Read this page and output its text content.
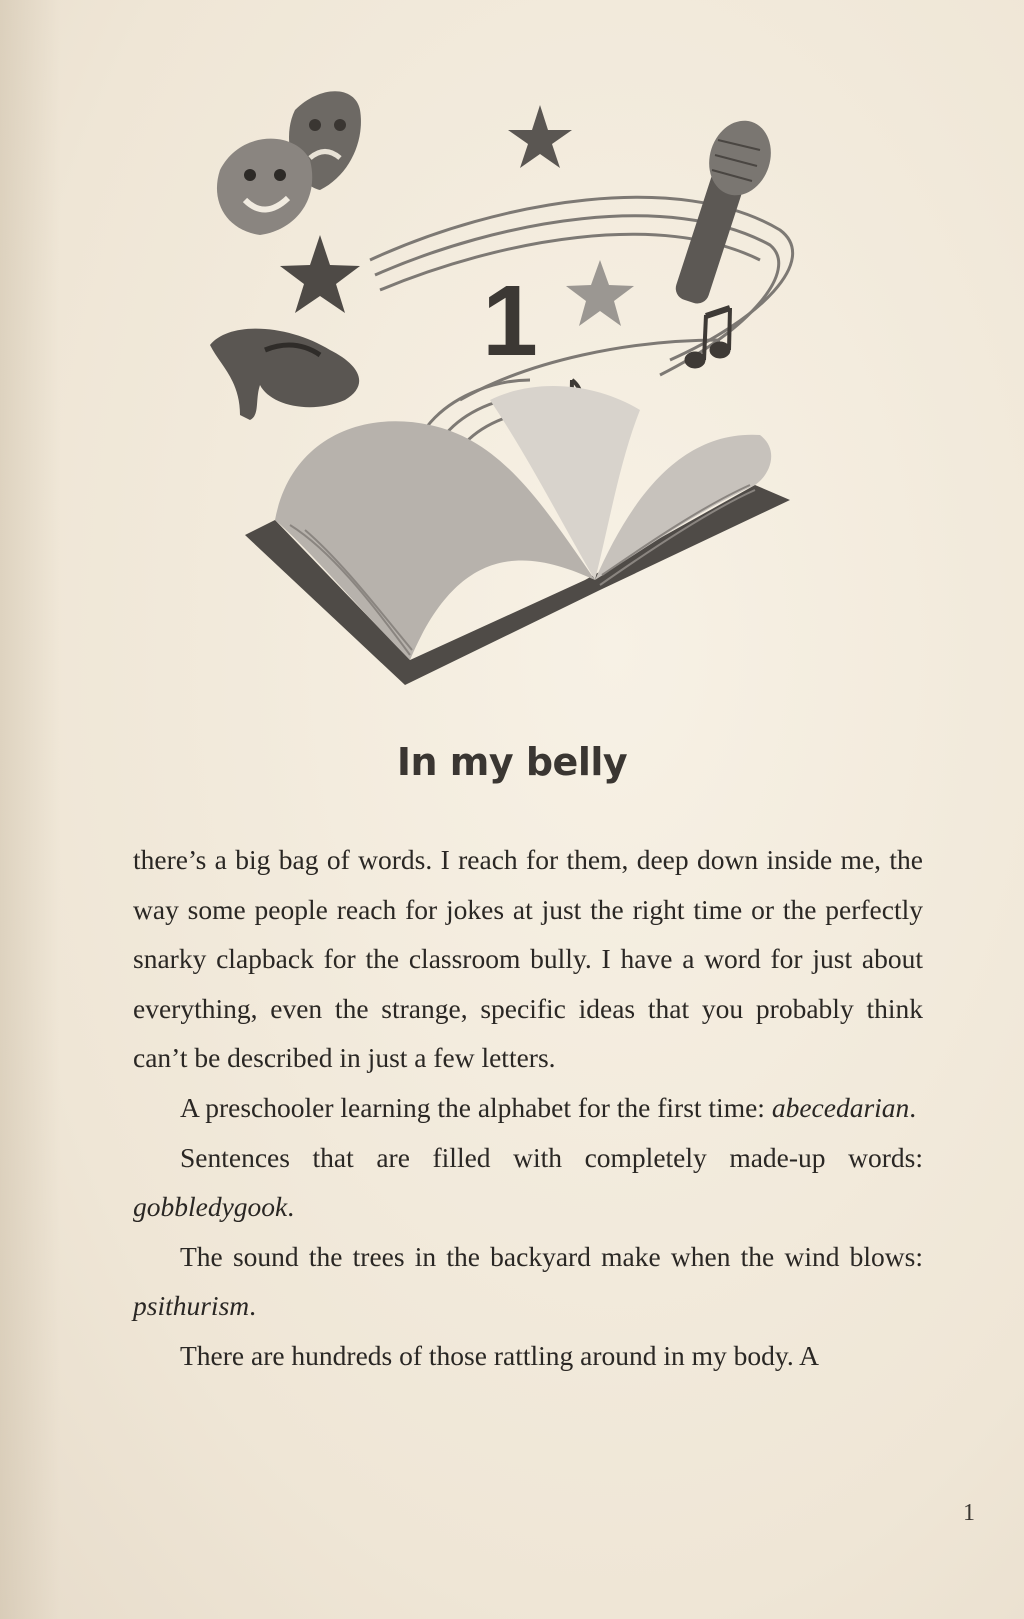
1
In my belly

there’s a big bag of words. I reach for them, deep down inside me, the way some people reach for jokes at just the right time or the perfectly snarky clapback for the classroom bully. I have a word for just about everything, even the strange, specific ideas that you probably think can’t be described in just a few letters.

A preschooler learning the alphabet for the first time: abecedarian.

Sentences that are filled with completely made-up words: gobbledygook.

The sound the trees in the backyard make when the wind blows: psithurism.

There are hundreds of those rattling around in my body. A

1
